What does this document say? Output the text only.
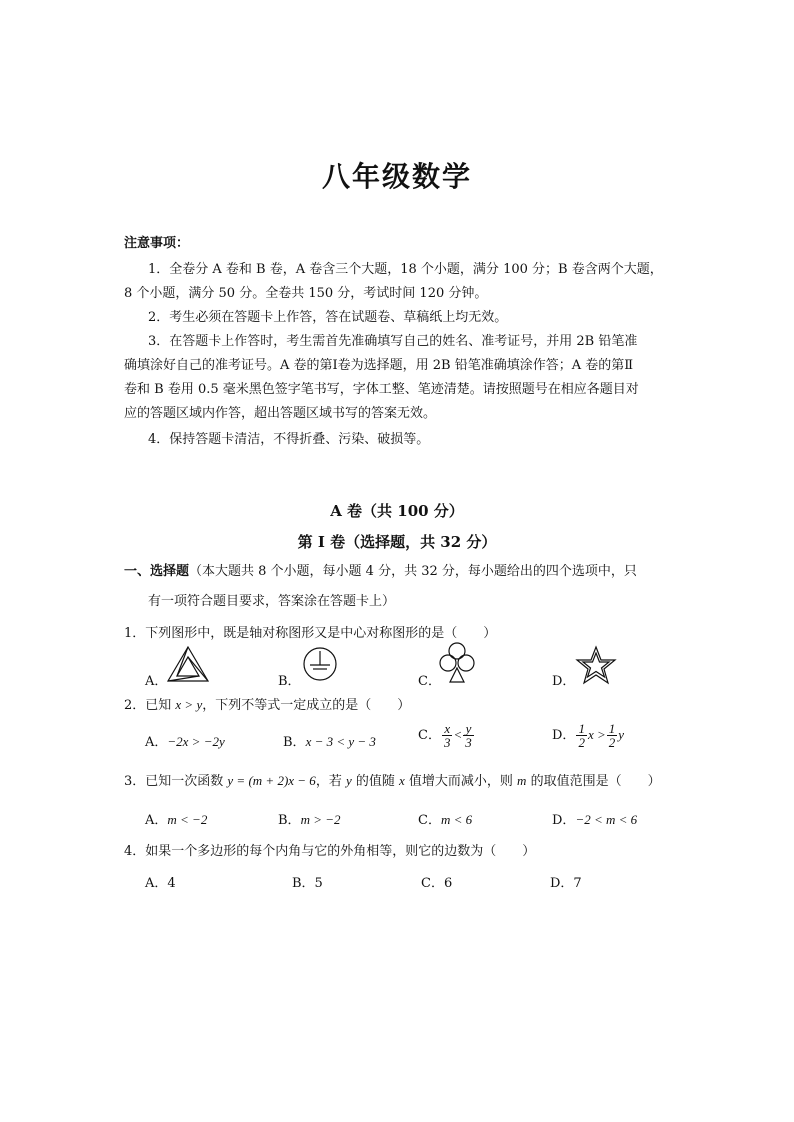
八年级数学
注意事项：
1．全卷分 A 卷和 B 卷，A 卷含三个大题，18 个小题，满分 100 分；B 卷含两个大题，
8 个小题，满分 50 分。全卷共 150 分，考试时间 120 分钟。
2．考生必须在答题卡上作答，答在试题卷、草稿纸上均无效。
3．在答题卡上作答时，考生需首先准确填写自己的姓名、准考证号，并用 2B 铅笔准
确填涂好自己的准考证号。A 卷的第Ⅰ卷为选择题，用 2B 铅笔准确填涂作答；A 卷的第Ⅱ
卷和 B 卷用 0.5 毫米黑色签字笔书写，字体工整、笔迹清楚。请按照题号在相应各题目对
应的答题区域内作答，超出答题区域书写的答案无效。
4．保持答题卡清洁，不得折叠、污染、破损等。
A 卷（共 100 分）
第 Ⅰ 卷（选择题，共 32 分）
一、选择题（本大题共 8 个小题，每小题 4 分，共 32 分，每小题给出的四个选项中，只
有一项符合题目要求，答案涂在答题卡上）
1．下列图形中，既是轴对称图形又是中心对称图形的是（　　）
A．	B．	C．	D．
2．已知 x > y，下列不等式一定成立的是（　　）
A．−2x > −2y	B．x − 3 < y − 3	C． $\frac{x}{3} < \frac{y}{3}$	D． $\frac{1}{2}$ $x > \frac{1}{2}$ y
3．已知一次函数 y = (m + 2)x − 6，若 y 的值随 x 值增大而减小，则 m 的取值范围是（　　）
A．m < −2	B．m > −2	C．m < 6	D．−2 < m < 6
4．如果一个多边形的每个内角与它的外角相等，则它的边数为（　　）
A．4	B．5	C．6	D．7
